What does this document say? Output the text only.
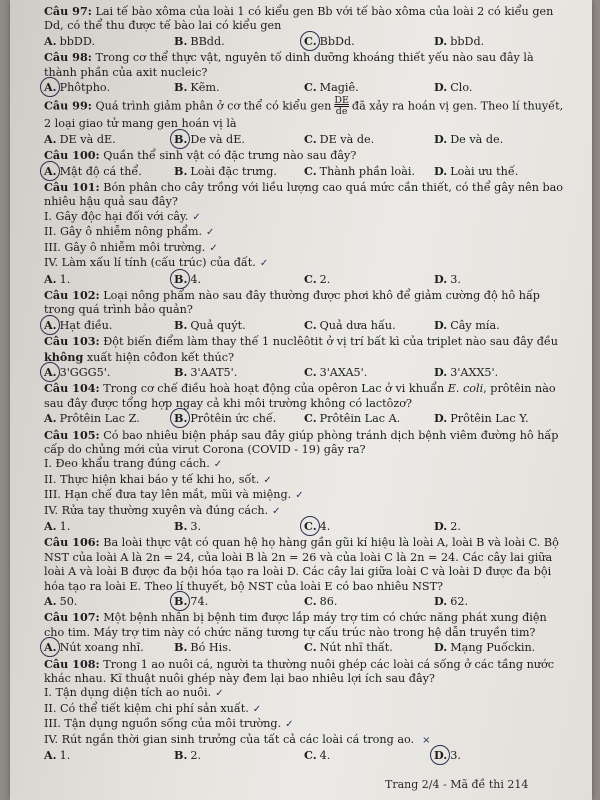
Câu 97: Lai tế bào xôma của loài 1 có kiểu gen Bb với tế bào xôma của loài 2 có kiểu gen Dd, có thể thu được tế bào lai có kiểu gen

A. bbDD.	B. BBdd.	C. BbDd.	D. bbDd.

Câu 98: Trong cơ thể thực vật, nguyên tố dinh dưỡng khoáng thiết yếu nào sau đây là thành phần của axit nucleic?

A. Phôtpho.	B. Kẽm.	C. Magiê.	D. Clo.

Câu 99: Quá trình giảm phân ở cơ thể có kiểu gen $\frac{DE}{de}$ đã xảy ra hoán vị gen. Theo lí thuyết, 2 loại giao tử mang gen hoán vị là

A. DE và dE.	B. De và dE.	C. DE và de.	D. De và de.

Câu 100: Quần thể sinh vật có đặc trưng nào sau đây?

A. Mật độ cá thể.	B. Loài đặc trưng.	C. Thành phần loài.	D. Loài ưu thế.

Câu 101: Bón phân cho cây trồng với liều lượng cao quá mức cần thiết, có thể gây nên bao nhiêu hậu quả sau đây?

I. Gây độc hại đối với cây. ✓

II. Gây ô nhiễm nông phẩm. ✓

III. Gây ô nhiễm môi trường. ✓

IV. Làm xấu lí tính (cấu trúc) của đất. ✓

A. 1.	B. 4.	C. 2.	D. 3.

Câu 102: Loại nông phẩm nào sau đây thường được phơi khô để giảm cường độ hô hấp trong quá trình bảo quản?

A. Hạt điều.	B. Quả quýt.	C. Quả dưa hấu.	D. Cây mía.

Câu 103: Đột biến điểm làm thay thế 1 nuclêôtit ở vị trí bất kì của triplet nào sau đây đều không xuất hiện côđon kết thúc?

A. 3'GGG5'.	B. 3'AAT5'.	C. 3'AXA5'.	D. 3'AXX5'.

Câu 104: Trong cơ chế điều hoà hoạt động của opêron Lac ở vi khuẩn E. coli, prôtêin nào sau đây được tổng hợp ngay cả khi môi trường không có lactôzơ?

A. Prôtêin Lac Z.	B. Prôtêin ức chế.	C. Prôtêin Lac A.	D. Prôtêin Lac Y.

Câu 105: Có bao nhiêu biện pháp sau đây giúp phòng tránh dịch bệnh viêm đường hô hấp cấp do chủng mới của virut Corona (COVID - 19) gây ra?

I. Đeo khẩu trang đúng cách. ✓

II. Thực hiện khai báo y tế khi ho, sốt. ✓

III. Hạn chế đưa tay lên mắt, mũi và miệng. ✓

IV. Rửa tay thường xuyên và đúng cách. ✓

A. 1.	B. 3.	C. 4.	D. 2.

Câu 106: Ba loài thực vật có quan hệ họ hàng gần gũi kí hiệu là loài A, loài B và loài C. Bộ NST của loài A là 2n = 24, của loài B là 2n = 26 và của loài C là 2n = 24. Các cây lai giữa loài A và loài B được đa bội hóa tạo ra loài D. Các cây lai giữa loài C và loài D được đa bội hóa tạo ra loài E. Theo lí thuyết, bộ NST của loài E có bao nhiêu NST?

A. 50.	B. 74.	C. 86.	D. 62.

Câu 107: Một bệnh nhân bị bệnh tim được lắp máy trợ tim có chức năng phát xung điện cho tim. Máy trợ tim này có chức năng tương tự cấu trúc nào trong hệ dẫn truyền tim?

A. Nút xoang nhĩ.	B. Bó His.	C. Nút nhĩ thất.	D. Mạng Puốckin.

Câu 108: Trong 1 ao nuôi cá, người ta thường nuôi ghép các loài cá sống ở các tầng nước khác nhau. Kĩ thuật nuôi ghép này đem lại bao nhiêu lợi ích sau đây?

I. Tận dụng diện tích ao nuôi. ✓

II. Có thể tiết kiệm chi phí sản xuất. ✓

III. Tận dụng nguồn sống của môi trường. ✓

IV. Rút ngắn thời gian sinh trưởng của tất cả các loài cá trong ao. ×

A. 1.	B. 2.	C. 4.	D. 3.
Trang 2/4 - Mã đề thi 214
